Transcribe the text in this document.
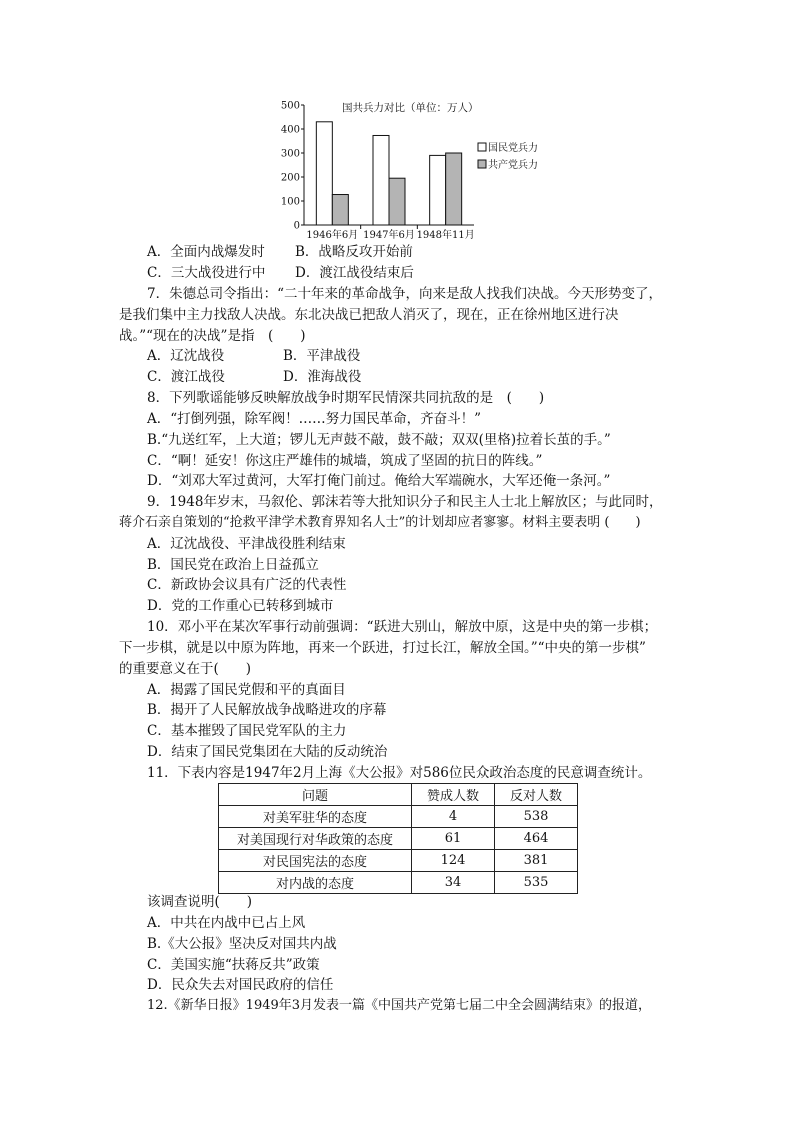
0
100
200
300
400
500	国共兵力对比（单位：万人）
1946年6月 1947年6月 1948年11月
国民党兵力
共产党兵力
A．全面内战爆发时 B．战略反攻开始前
C．三大战役进行中 D．渡江战役结束后
7．朱德总司令指出：“二十年来的革命战争，向来是敌人找我们决战。今天形势变了，
是我们集中主力找敌人决战。东北决战已把敌人消灭了，现在，正在徐州地区进行决
战。”“现在的决战”是指　(　　)
A．辽沈战役	B．平津战役
C．渡江战役	D．淮海战役
8．下列歌谣能够反映解放战争时期军民情深共同抗敌的是　(　　)
A．“打倒列强，除军阀！……努力国民革命，齐奋斗！”
B.“九送红军，上大道；锣儿无声鼓不敲，鼓不敲；双双(里格)拉着长茧的手。”
C．“啊！延安！你这庄严雄伟的城墙，筑成了坚固的抗日的阵线。”
D．“刘邓大军过黄河，大军打俺门前过。俺给大军端碗水，大军还俺一条河。”
9．1948年岁末，马叙伦、郭沫若等大批知识分子和民主人士北上解放区；与此同时，
蒋介石亲自策划的“抢救平津学术教育界知名人士”的计划却应者寥寥。材料主要表明 (　　)
A．辽沈战役、平津战役胜利结束
B．国民党在政治上日益孤立
C．新政协会议具有广泛的代表性
D．党的工作重心已转移到城市
10．邓小平在某次军事行动前强调：“跃进大别山，解放中原，这是中央的第一步棋；
下一步棋，就是以中原为阵地，再来一个跃进，打过长江，解放全国。”“中央的第一步棋”
的重要意义在于(　　)
A．揭露了国民党假和平的真面目
B．揭开了人民解放战争战略进攻的序幕
C．基本摧毁了国民党军队的主力
D．结束了国民党集团在大陆的反动统治
11．下表内容是1947年2月上海《大公报》对586位民众政治态度的民意调查统计。
问题	赞成人数	反对人数
对美军驻华的态度	4	538
对美国现行对华政策的态度	61	464
对民国宪法的态度	124	381
对内战的态度	34	535
该调查说明(　　)
A．中共在内战中已占上风
B.《大公报》坚决反对国共内战
C．美国实施“扶蒋反共”政策
D．民众失去对国民政府的信任
12.《新华日报》1949年3月发表一篇《中国共产党第七届二中全会圆满结束》的报道，
